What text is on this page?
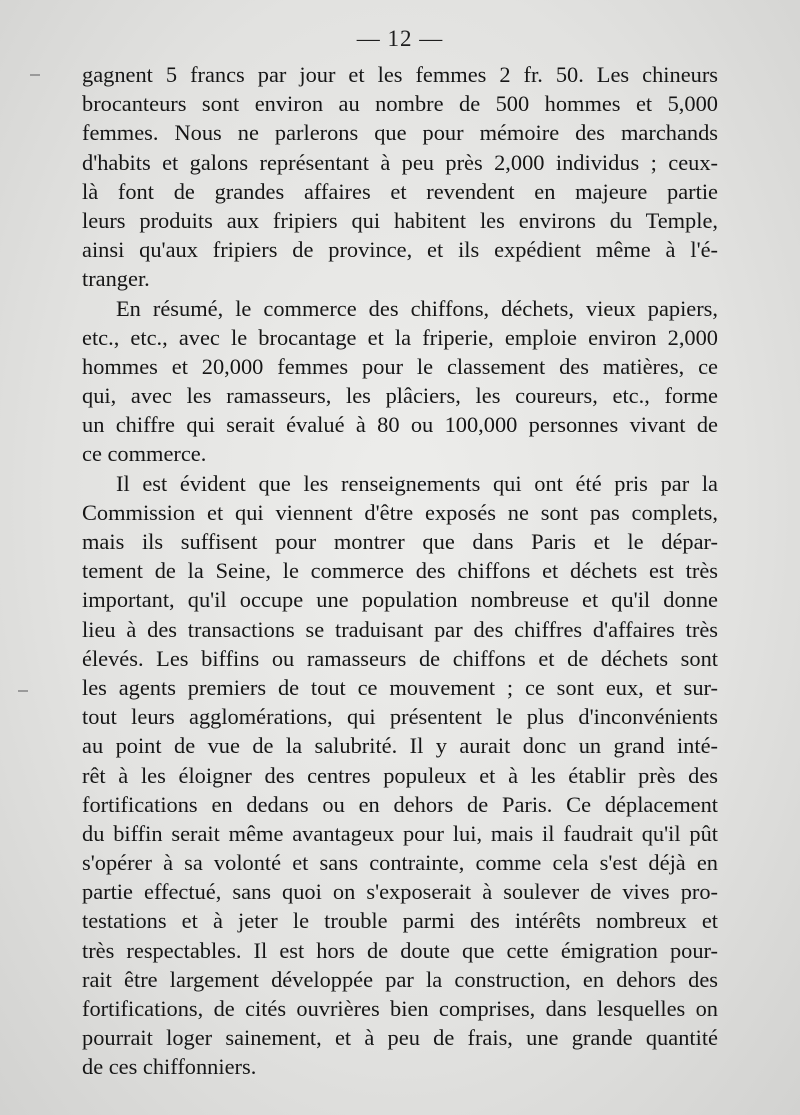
— 12 —
gagnent 5 francs par jour et les femmes 2 fr. 50. Les chineurs
brocanteurs sont environ au nombre de 500 hommes et 5,000
femmes. Nous ne parlerons que pour mémoire des marchands
d'habits et galons représentant à peu près 2,000 individus ; ceux-
là font de grandes affaires et revendent en majeure partie
leurs produits aux fripiers qui habitent les environs du Temple,
ainsi qu'aux fripiers de province, et ils expédient même à l'é-
tranger.
En résumé, le commerce des chiffons, déchets, vieux papiers,
etc., etc., avec le brocantage et la friperie, emploie environ 2,000
hommes et 20,000 femmes pour le classement des matières, ce
qui, avec les ramasseurs, les plâciers, les coureurs, etc., forme
un chiffre qui serait évalué à 80 ou 100,000 personnes vivant de
ce commerce.
Il est évident que les renseignements qui ont été pris par la
Commission et qui viennent d'être exposés ne sont pas complets,
mais ils suffisent pour montrer que dans Paris et le dépar-
tement de la Seine, le commerce des chiffons et déchets est très
important, qu'il occupe une population nombreuse et qu'il donne
lieu à des transactions se traduisant par des chiffres d'affaires très
élevés. Les biffins ou ramasseurs de chiffons et de déchets sont
les agents premiers de tout ce mouvement ; ce sont eux, et sur-
tout leurs agglomérations, qui présentent le plus d'inconvénients
au point de vue de la salubrité. Il y aurait donc un grand inté-
rêt à les éloigner des centres populeux et à les établir près des
fortifications en dedans ou en dehors de Paris. Ce déplacement
du biffin serait même avantageux pour lui, mais il faudrait qu'il pût
s'opérer à sa volonté et sans contrainte, comme cela s'est déjà en
partie effectué, sans quoi on s'exposerait à soulever de vives pro-
testations et à jeter le trouble parmi des intérêts nombreux et
très respectables. Il est hors de doute que cette émigration pour-
rait être largement développée par la construction, en dehors des
fortifications, de cités ouvrières bien comprises, dans lesquelles on
pourrait loger sainement, et à peu de frais, une grande quantité
de ces chiffonniers.
